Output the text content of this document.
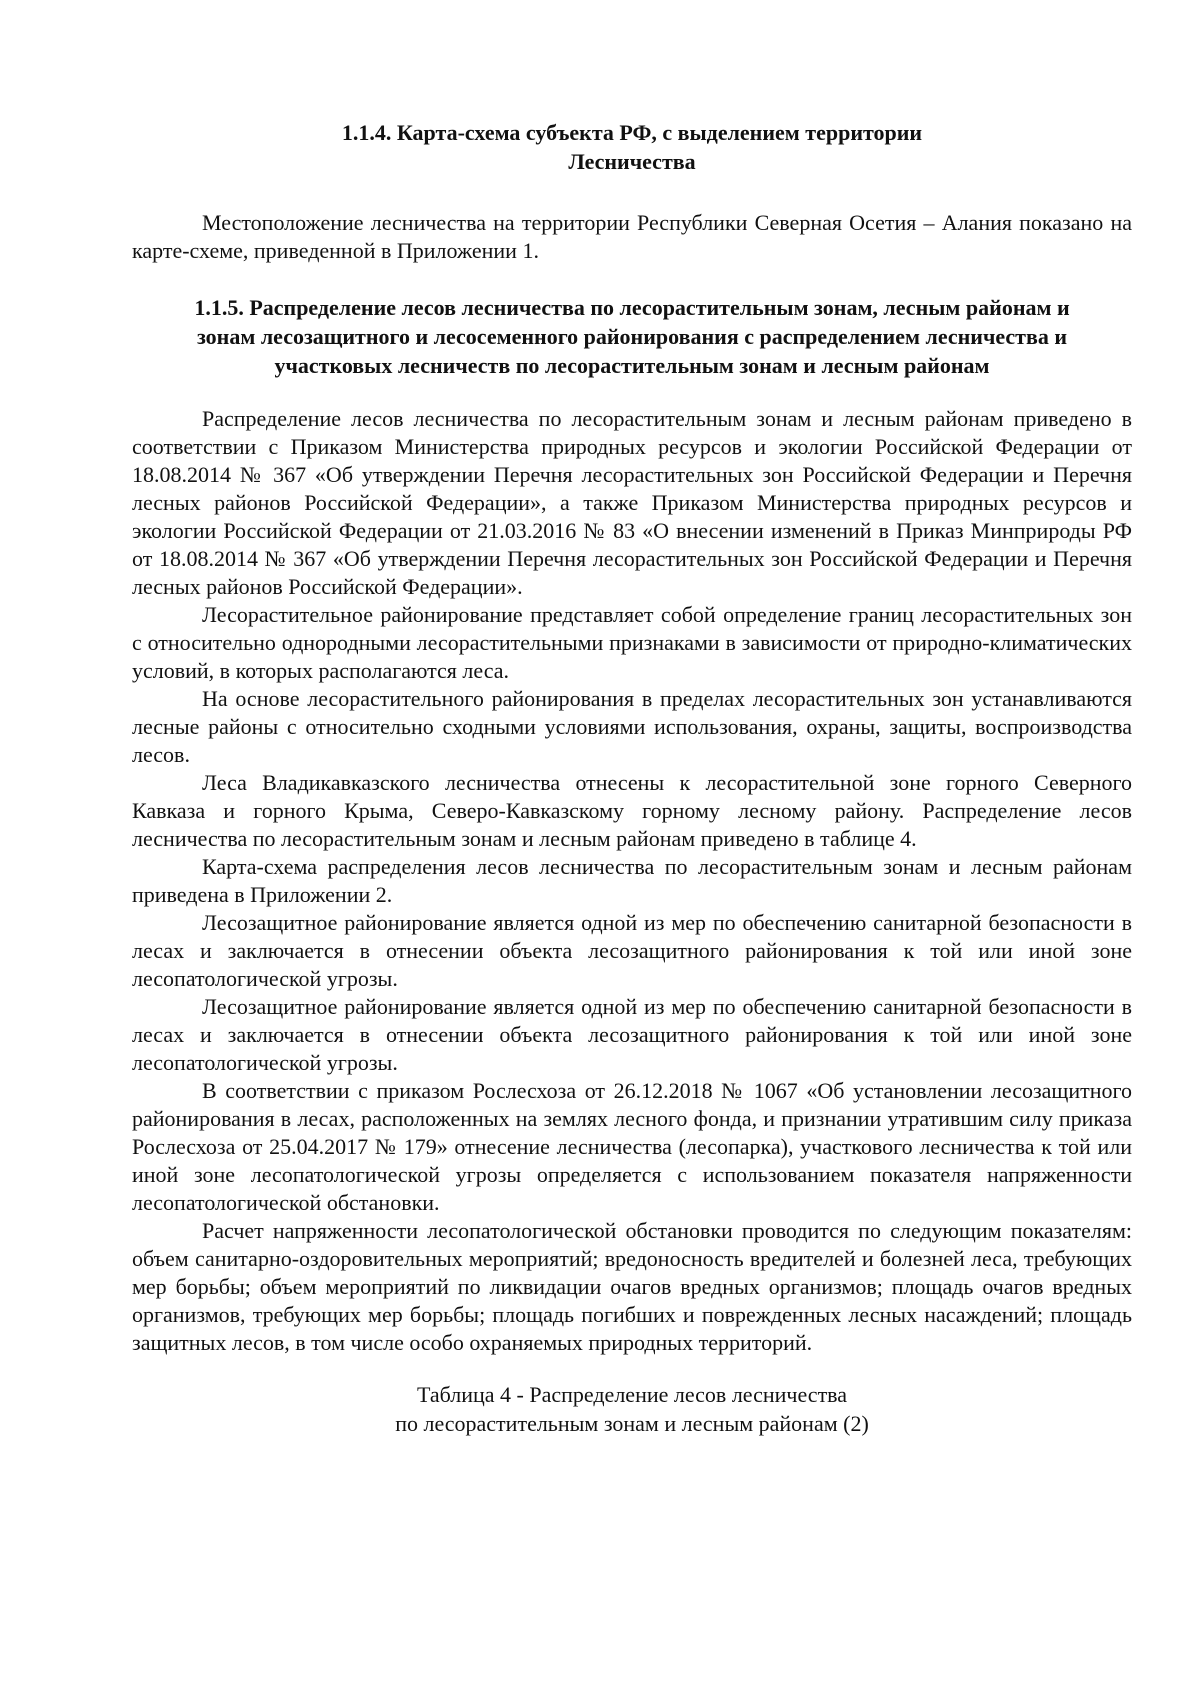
1.1.4. Карта-схема субъекта РФ, с выделением территории
Лесничества

Местоположение лесничества на территории Республики Северная Осетия – Алания показано на карте-схеме, приведенной в Приложении 1.

1.1.5. Распределение лесов лесничества по лесорастительным зонам, лесным районам и
зонам лесозащитного и лесосеменного районирования с распределением лесничества и
участковых лесничеств по лесорастительным зонам и лесным районам

Распределение лесов лесничества по лесорастительным зонам и лесным районам приведено в соответствии с Приказом Министерства природных ресурсов и экологии Российской Федерации от 18.08.2014 № 367 «Об утверждении Перечня лесорастительных зон Российской Федерации и Перечня лесных районов Российской Федерации», а также Приказом Министерства природных ресурсов и экологии Российской Федерации от 21.03.2016 № 83 «О внесении изменений в Приказ Минприроды РФ от 18.08.2014 № 367 «Об утверждении Перечня лесорастительных зон Российской Федерации и Перечня лесных районов Российской Федерации».

Лесорастительное районирование представляет собой определение границ лесорастительных зон с относительно однородными лесорастительными признаками в зависимости от природно-климатических условий, в которых располагаются леса.

На основе лесорастительного районирования в пределах лесорастительных зон устанавливаются лесные районы с относительно сходными условиями использования, охраны, защиты, воспроизводства лесов.

Леса Владикавказского лесничества отнесены к лесорастительной зоне горного Северного Кавказа и горного Крыма, Северо-Кавказскому горному лесному району. Распределение лесов лесничества по лесорастительным зонам и лесным районам приведено в таблице 4.

Карта-схема распределения лесов лесничества по лесорастительным зонам и лесным районам приведена в Приложении 2.

Лесозащитное районирование является одной из мер по обеспечению санитарной безопасности в лесах и заключается в отнесении объекта лесозащитного районирования к той или иной зоне лесопатологической угрозы.

Лесозащитное районирование является одной из мер по обеспечению санитарной безопасности в лесах и заключается в отнесении объекта лесозащитного районирования к той или иной зоне лесопатологической угрозы.

В соответствии с приказом Рослесхоза от 26.12.2018 № 1067 «Об установлении лесозащитного районирования в лесах, расположенных на землях лесного фонда, и признании утратившим силу приказа Рослесхоза от 25.04.2017 № 179» отнесение лесничества (лесопарка), участкового лесничества к той или иной зоне лесопатологической угрозы определяется с использованием показателя напряженности лесопатологической обстановки.

Расчет напряженности лесопатологической обстановки проводится по следующим показателям: объем санитарно-оздоровительных мероприятий; вредоносность вредителей и болезней леса, требующих мер борьбы; объем мероприятий по ликвидации очагов вредных организмов; площадь очагов вредных организмов, требующих мер борьбы; площадь погибших и поврежденных лесных насаждений; площадь защитных лесов, в том числе особо охраняемых природных территорий.

Таблица 4 - Распределение лесов лесничества
по лесорастительным зонам и лесным районам (2)
